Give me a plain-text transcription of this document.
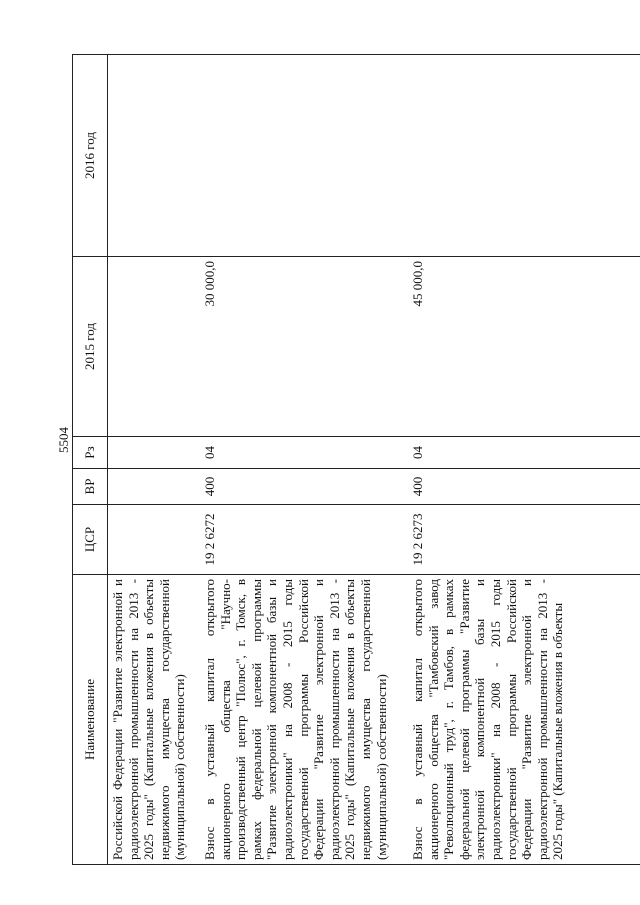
5504
Наименование	ЦСР	ВР	Рз	2015 год	2016 год
Российской Федерации "Развитие электронной и радиоэлектронной промышленности на 2013 - 2025 годы" (Капитальные вложения в объекты недвижимого имущества государственной (муниципальной) собственности)					
Взнос в уставный капитал открытого акционерного общества "Научно-производственный центр "Полюс", г. Томск, в рамках федеральной целевой программы "Развитие электронной компонентной базы и радиоэлектроники" на 2008 - 2015 годы государственной программы Российской Федерации "Развитие электронной и радиоэлектронной промышленности на 2013 - 2025 годы" (Капитальные вложения в объекты недвижимого имущества государственной (муниципальной) собственности)	19 2 6272	400	04	30 000,0	
Взнос в уставный капитал открытого акционерного общества "Тамбовский завод "Революционный труд", г. Тамбов, в рамках федеральной целевой программы "Развитие электронной компонентной базы и радиоэлектроники" на 2008 - 2015 годы государственной программы Российской Федерации "Развитие электронной и радиоэлектронной промышленности на 2013 - 2025 годы" (Капитальные вложения в объекты	19 2 6273	400	04	45 000,0	
